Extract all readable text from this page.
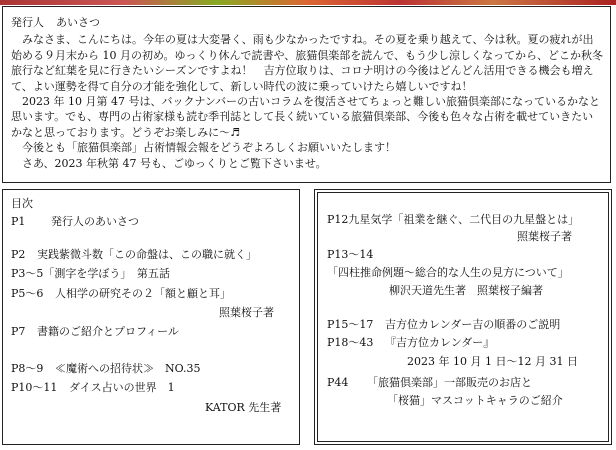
発行人 あいさつ

　みなさま、こんにちは。今年の夏は大変暑く、雨も少なかったですね。その夏を乗り越えて、今は秋。夏の疲れが出始める９月末から 10 月の初め。ゆっくり休んで読書や、旅猫倶楽部を読んで、もう少し涼しくなってから、どこか秋冬旅行など紅葉を見に行きたいシーズンですよね！　吉方位取りは、コロナ明けの今後はどんどん活用できる機会も増えて、よい運勢を得て自分の才能を強化して、新しい時代の波に乗っていけたら嬉しいですね！

　2023 年 10 月第 47 号は、バックナンバーの古いコラムを復活させてちょっと難しい旅猫倶楽部になっているかなと思います。でも、専門の占術家様も読む季刊誌として長く続いている旅猫倶楽部、今後も色々な占術を載せていきたいかなと思っております。どうぞお楽しみに～♬

　今後とも「旅猫倶楽部」占術情報会報をどうぞよろしくお願いいたします！

　さあ、2023 年秋第 47 号も、ごゆっくりとご覧下さいませ。

目次
P1 発行人のあいさつ
P2 実践紫微斗数「この命盤は、この職に就く」
P3～5「測字を学ぼう」　第五話
P5～6 人相学の研究その２「額と顧と耳」
照葉桜子著
P7 書籍のご紹介とプロフィール
P8～9 ≪魔術への招待状≫　NO.35
P10～11 ダイス占いの世界　1
KATOR 先生著
P12九星気学「祖業を継ぐ、二代目の九星盤とは」
照葉桜子著
P13～14
「四柱推命例題～総合的な人生の見方について」
柳沢天道先生著　照葉桜子編著
P15～17 吉方位カレンダー吉の順番のご説明
P18～43 『吉方位カレンダー』
2023 年 10 月 1 日～12 月 31 日
P44 「旅猫倶楽部」一部販売のお店と
「桜猫」マスコットキャラのご紹介
